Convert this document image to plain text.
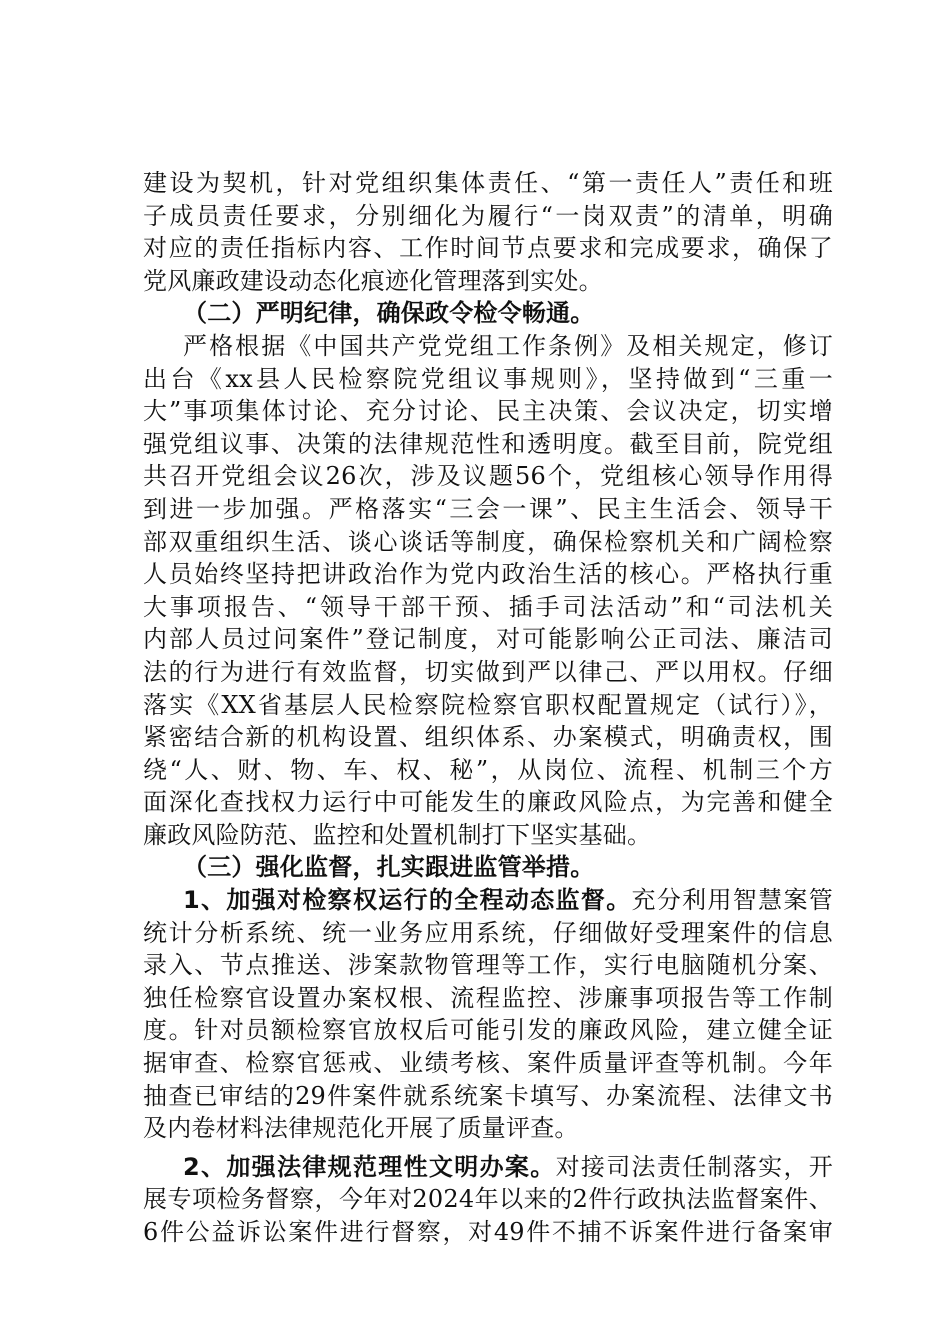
建设为契机，针对党组织集体责任、“第一责任人”责任和班
子成员责任要求，分别细化为履行“一岗双责”的清单，明确
对应的责任指标内容、工作时间节点要求和完成要求，确保了
党风廉政建设动态化痕迹化管理落到实处。
（二）严明纪律，确保政令检令畅通。
严格根据《中国共产党党组工作条例》及相关规定，修订
出台《xx县人民检察院党组议事规则》，坚持做到“三重一
大”事项集体讨论、充分讨论、民主决策、会议决定，切实增
强党组议事、决策的法律规范性和透明度。截至目前，院党组
共召开党组会议26次，涉及议题56个，党组核心领导作用得
到进一步加强。严格落实“三会一课”、民主生活会、领导干
部双重组织生活、谈心谈话等制度，确保检察机关和广阔检察
人员始终坚持把讲政治作为党内政治生活的核心。严格执行重
大事项报告、“领导干部干预、插手司法活动”和“司法机关
内部人员过问案件”登记制度，对可能影响公正司法、廉洁司
法的行为进行有效监督，切实做到严以律己、严以用权。仔细
落实《XX省基层人民检察院检察官职权配置规定（试行）》，
紧密结合新的机构设置、组织体系、办案模式，明确责权，围
绕“人、财、物、车、权、秘”，从岗位、流程、机制三个方
面深化查找权力运行中可能发生的廉政风险点，为完善和健全
廉政风险防范、监控和处置机制打下坚实基础。
（三）强化监督，扎实跟进监管举措。
1、加强对检察权运行的全程动态监督。充分利用智慧案管
统计分析系统、统一业务应用系统，仔细做好受理案件的信息
录入、节点推送、涉案款物管理等工作，实行电脑随机分案、
独任检察官设置办案权根、流程监控、涉廉事项报告等工作制
度。针对员额检察官放权后可能引发的廉政风险，建立健全证
据审查、检察官惩戒、业绩考核、案件质量评查等机制。今年
抽查已审结的29件案件就系统案卡填写、办案流程、法律文书
及内卷材料法律规范化开展了质量评查。
2、加强法律规范理性文明办案。对接司法责任制落实，开
展专项检务督察，今年对2024年以来的2件行政执法监督案件、
6件公益诉讼案件进行督察，对49件不捕不诉案件进行备案审
